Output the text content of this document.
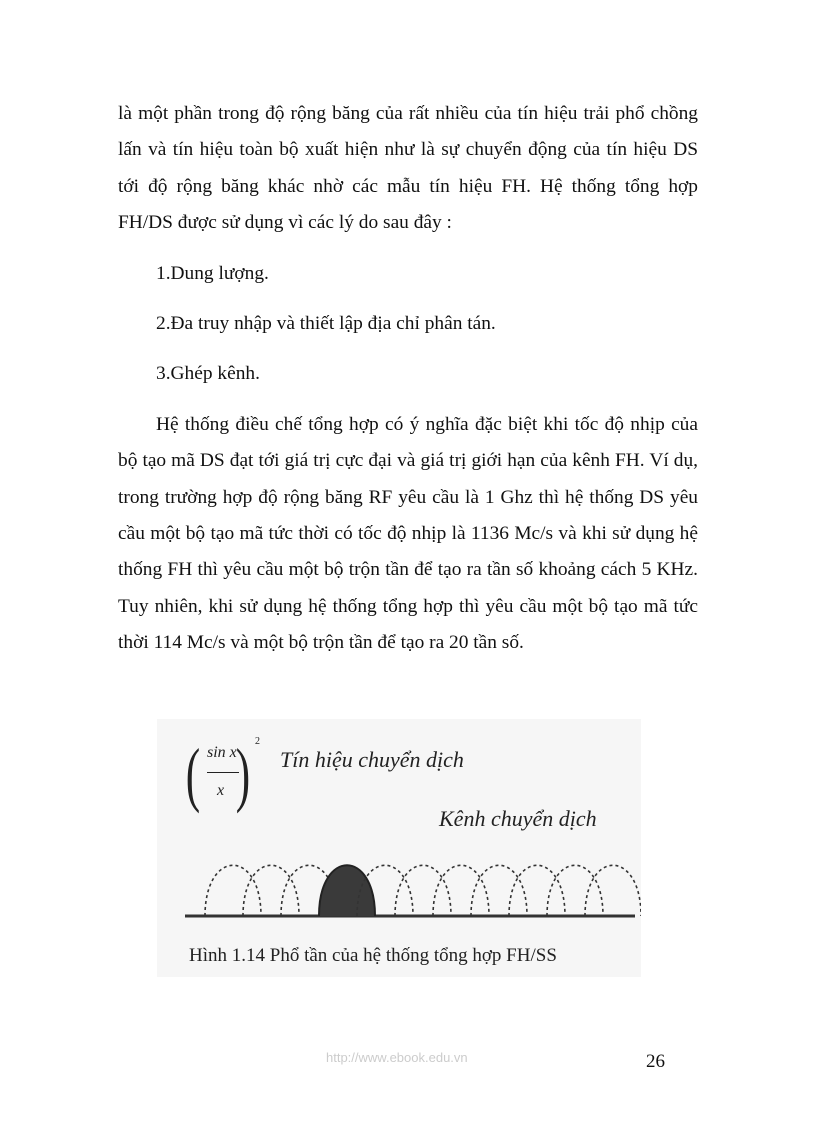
là một phần trong độ rộng băng của rất nhiều của tín hiệu trải phổ chồng lấn và tín hiệu toàn bộ xuất hiện như là sự chuyển động của tín hiệu DS tới độ rộng băng khác nhờ các mẫu tín hiệu FH. Hệ thống tổng hợp FH/DS được sử dụng vì các lý do sau đây :

1.Dung lượng.

2.Đa truy nhập và thiết lập địa chỉ phân tán.

3.Ghép kênh.

Hệ thống điều chế tổng hợp có ý nghĩa đặc biệt khi tốc độ nhịp của bộ tạo mã DS đạt tới giá trị cực đại và giá trị giới hạn của kênh FH. Ví dụ, trong trường hợp độ rộng băng RF yêu cầu là 1 Ghz thì hệ thống DS yêu cầu một bộ tạo mã tức thời có tốc độ nhịp là 1136 Mc/s và khi sử dụng hệ thống FH thì yêu cầu một bộ trộn tần để tạo ra tần số khoảng cách 5 KHz. Tuy nhiên, khi sử dụng hệ thống tổng hợp thì yêu cầu một bộ tạo mã tức thời 114 Mc/s và một bộ trộn tần để tạo ra 20 tần số.

( sin x
x ) 2
Tín hiệu chuyển dịch
Kênh chuyển dịch
Hình 1.14 Phổ tần của hệ thống tổng hợp FH/SS
http://www.ebook.edu.vn	26
